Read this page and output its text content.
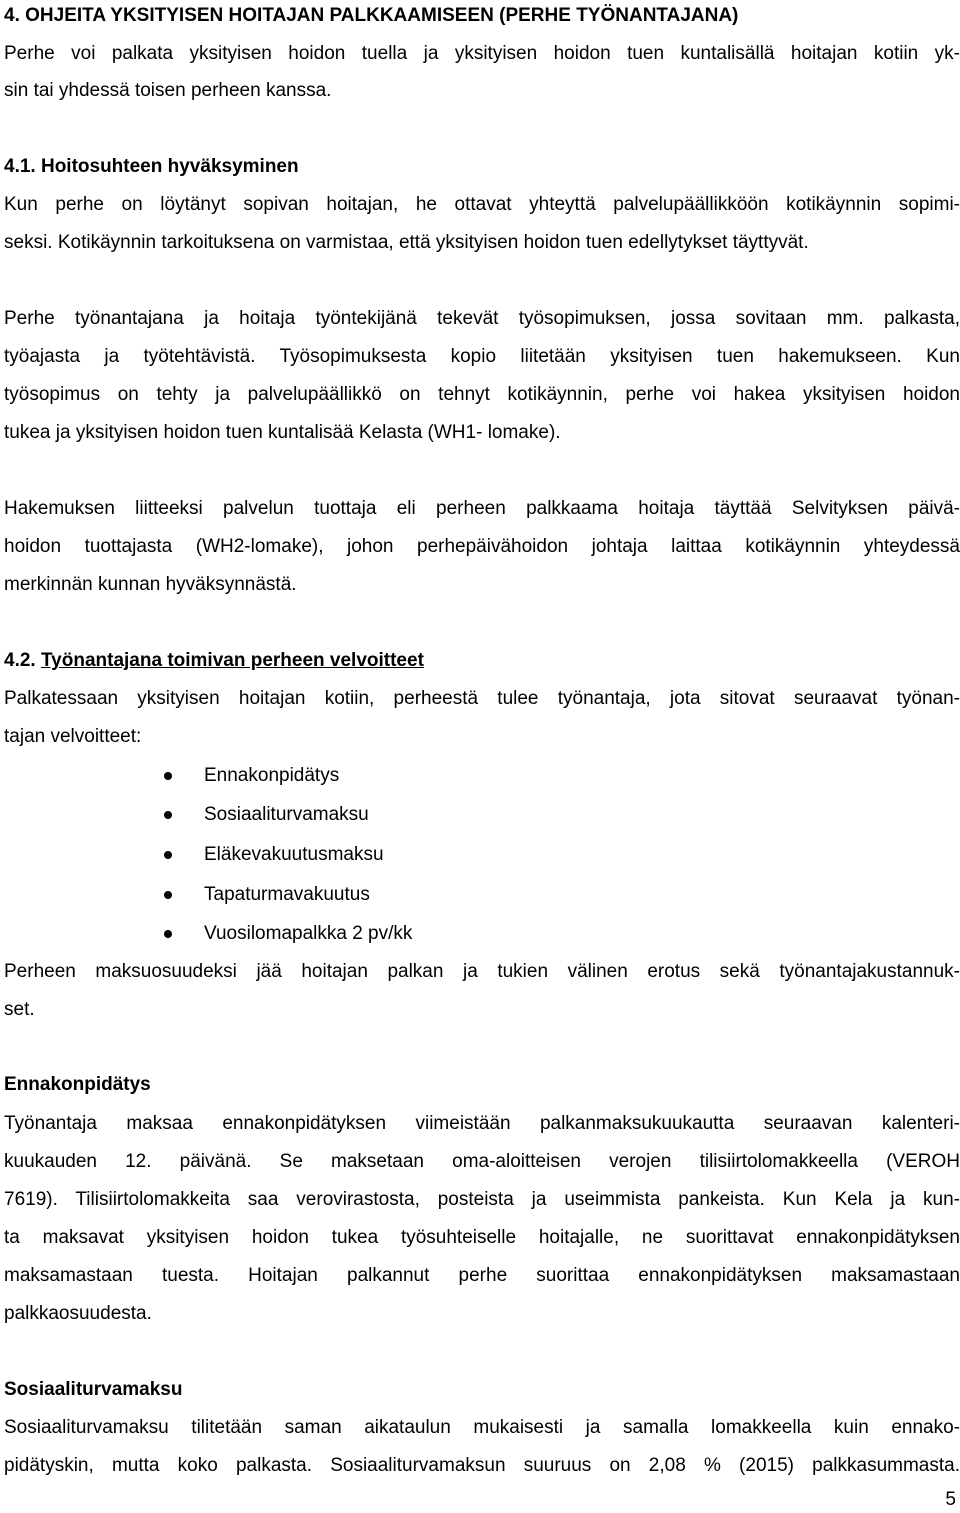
4. OHJEITA YKSITYISEN HOITAJAN PALKKAAMISEEN (PERHE TYÖNANTAJANA)
Perhe voi palkata yksityisen hoidon tuella ja yksityisen hoidon tuen kuntalisällä hoitajan kotiin yk-
sin tai yhdessä toisen perheen kanssa.
4.1. Hoitosuhteen hyväksyminen
Kun perhe on löytänyt sopivan hoitajan, he ottavat yhteyttä palvelupäällikköön kotikäynnin sopimi-
seksi. Kotikäynnin tarkoituksena on varmistaa, että yksityisen hoidon tuen edellytykset täyttyvät.
Perhe työnantajana ja hoitaja työntekijänä tekevät työsopimuksen, jossa sovitaan mm. palkasta,
työajasta ja työtehtävistä. Työsopimuksesta kopio liitetään yksityisen tuen hakemukseen. Kun
työsopimus on tehty ja palvelupäällikkö on tehnyt kotikäynnin, perhe voi hakea yksityisen hoidon
tukea ja yksityisen hoidon tuen kuntalisää Kelasta (WH1- lomake).
Hakemuksen liitteeksi palvelun tuottaja eli perheen palkkaama hoitaja täyttää Selvityksen päivä-
hoidon tuottajasta (WH2-lomake), johon perhepäivähoidon johtaja laittaa kotikäynnin yhteydessä
merkinnän kunnan hyväksynnästä.
4.2. Työnantajana toimivan perheen velvoitteet
Palkatessaan yksityisen hoitajan kotiin, perheestä tulee työnantaja, jota sitovat seuraavat työnan-
tajan velvoitteet:
Ennakonpidätys
Sosiaaliturvamaksu
Eläkevakuutusmaksu
Tapaturmavakuutus
Vuosilomapalkka 2 pv/kk
Perheen maksuosuudeksi jää hoitajan palkan ja tukien välinen erotus sekä työnantajakustannuk-
set.
Ennakonpidätys
Työnantaja maksaa ennakonpidätyksen viimeistään palkanmaksukuukautta seuraavan kalenteri-
kuukauden 12. päivänä. Se maksetaan oma-aloitteisen verojen tilisiirtolomakkeella (VEROH
7619). Tilisiirtolomakkeita saa verovirastosta, posteista ja useimmista pankeista. Kun Kela ja kun-
ta maksavat yksityisen hoidon tukea työsuhteiselle hoitajalle, ne suorittavat ennakonpidätyksen
maksamastaan tuesta. Hoitajan palkannut perhe suorittaa ennakonpidätyksen maksamastaan
palkkaosuudesta.
Sosiaaliturvamaksu
Sosiaaliturvamaksu tilitetään saman aikataulun mukaisesti ja samalla lomakkeella kuin ennako-
pidätyskin, mutta koko palkasta. Sosiaaliturvamaksun suuruus on 2,08 % (2015) palkkasummasta.
5
